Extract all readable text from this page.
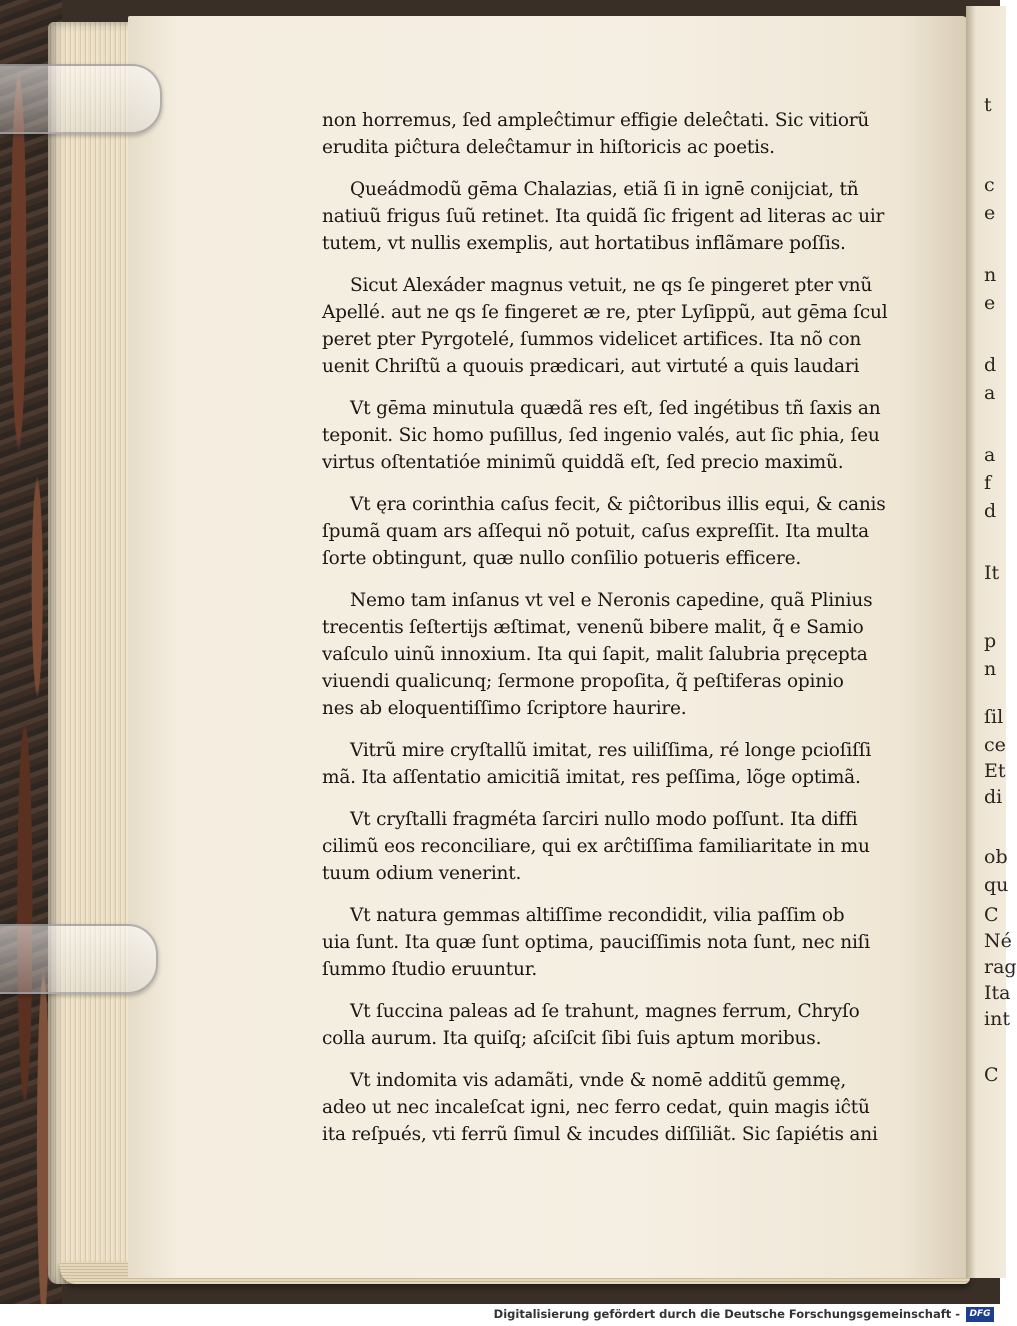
t
c
e
n
e
d
a
a
f
d
It
p
n
ſil
ce
Et
di
ob
qu
C
Né
rag
Ita
int
C
non horremus, ſed ampleĉtimur effigie deleĉtati. Sic vitiorũ
erudita piĉtura deleĉtamur in hiſtoricis ac poetis.
Queádmodũ gēma Chalazias, etiã ſi in ignē conijciat, tñ
natiuũ frigus ſuũ retinet. Ita quidã ſic frigent ad literas ac uir
tutem, vt nullis exemplis, aut hortatibus inflãmare poſſis.
Sicut Alexáder magnus vetuit, ne qs ſe pingeret pter vnũ
Apellé. aut ne qs ſe fingeret æ re, pter Lyſippũ, aut gēma ſcul
peret pter Pyrgotelé, ſummos videlicet artifices. Ita nõ con
uenit Chriſtũ a quouis prædicari, aut virtuté a quis laudari
Vt gēma minutula quædã res eſt, ſed ingétibus tñ ſaxis an
teponit. Sic homo puſillus, ſed ingenio valés, aut ſic phia, ſeu
virtus oſtentatióe minimũ quiddã eſt, ſed precio maximũ.
Vt ęra corinthia caſus fecit, & piĉtoribus illis equi, & canis
ſpumã quam ars aſſequi nõ potuit, caſus expreſſit. Ita multa
ſorte obtingunt, quæ nullo conſilio potueris efficere.
Nemo tam inſanus vt vel e Neronis capedine, quã Plinius
trecentis ſeſtertijs æſtimat, venenũ bibere malit, q̃ e Samio
vaſculo uinũ innoxium. Ita qui ſapit, malit ſalubria pręcepta
viuendi qualicunq; ſermone propoſita, q̃ peſtiferas opinio
nes ab eloquentiſſimo ſcriptore haurire.
Vitrũ mire cryſtallũ imitat, res uiliſſima, ré longe pcioſiſſi
mã. Ita aſſentatio amicitiã imitat, res peſſima, lõge optimã.
Vt cryſtalli fragméta ſarciri nullo modo poſſunt. Ita diffi
cilimũ eos reconciliare, qui ex arĉtiſſima familiaritate in mu
tuum odium venerint.
Vt natura gemmas altiſſime recondidit, vilia paſſim ob
uia ſunt. Ita quæ ſunt optima, pauciſſimis nota ſunt, nec niſi
ſummo ſtudio eruuntur.
Vt ſuccina paleas ad ſe trahunt, magnes ferrum, Chryſo
colla aurum. Ita quiſq; aſciſcit ſibi ſuis aptum moribus.
Vt indomita vis adamãti, vnde & nomē additũ gemmę,
adeo ut nec incaleſcat igni, nec ferro cedat, quin magis iĉtũ
ita reſpués, vti ferrũ ſimul & incudes diſſiliãt. Sic ſapiétis ani
Digitalisierung gefördert durch die Deutsche Forschungsgemeinschaft -	DFG
